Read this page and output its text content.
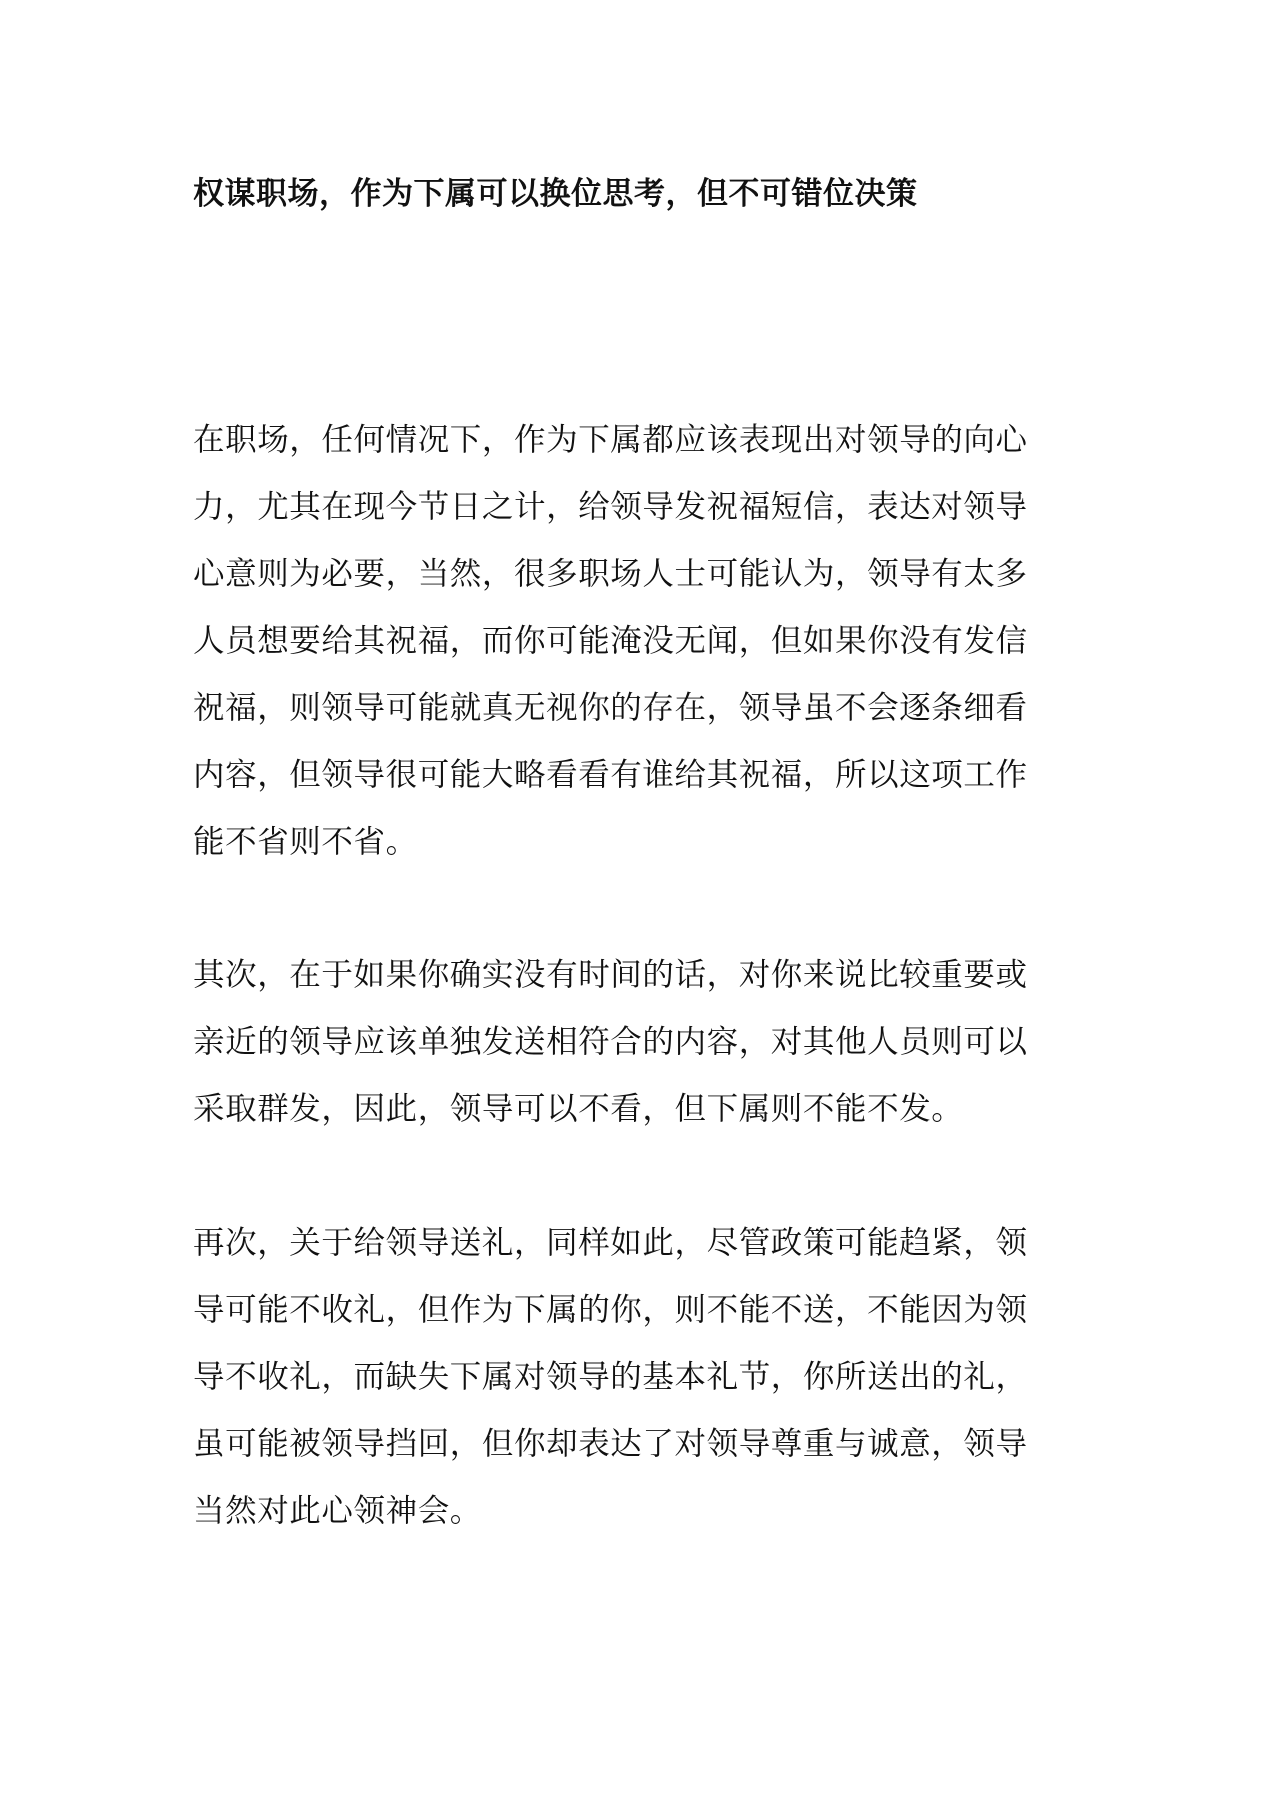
权谋职场，作为下属可以换位思考，但不可错位决策
在职场，任何情况下，作为下属都应该表现出对领导的向心
力，尤其在现今节日之计，给领导发祝福短信，表达对领导
心意则为必要，当然，很多职场人士可能认为，领导有太多
人员想要给其祝福，而你可能淹没无闻，但如果你没有发信
祝福，则领导可能就真无视你的存在，领导虽不会逐条细看
内容，但领导很可能大略看看有谁给其祝福，所以这项工作
能不省则不省。
其次，在于如果你确实没有时间的话，对你来说比较重要或
亲近的领导应该单独发送相符合的内容，对其他人员则可以
采取群发，因此，领导可以不看，但下属则不能不发。
再次，关于给领导送礼，同样如此，尽管政策可能趋紧，领
导可能不收礼，但作为下属的你，则不能不送，不能因为领
导不收礼，而缺失下属对领导的基本礼节，你所送出的礼，
虽可能被领导挡回，但你却表达了对领导尊重与诚意，领导
当然对此心领神会。
